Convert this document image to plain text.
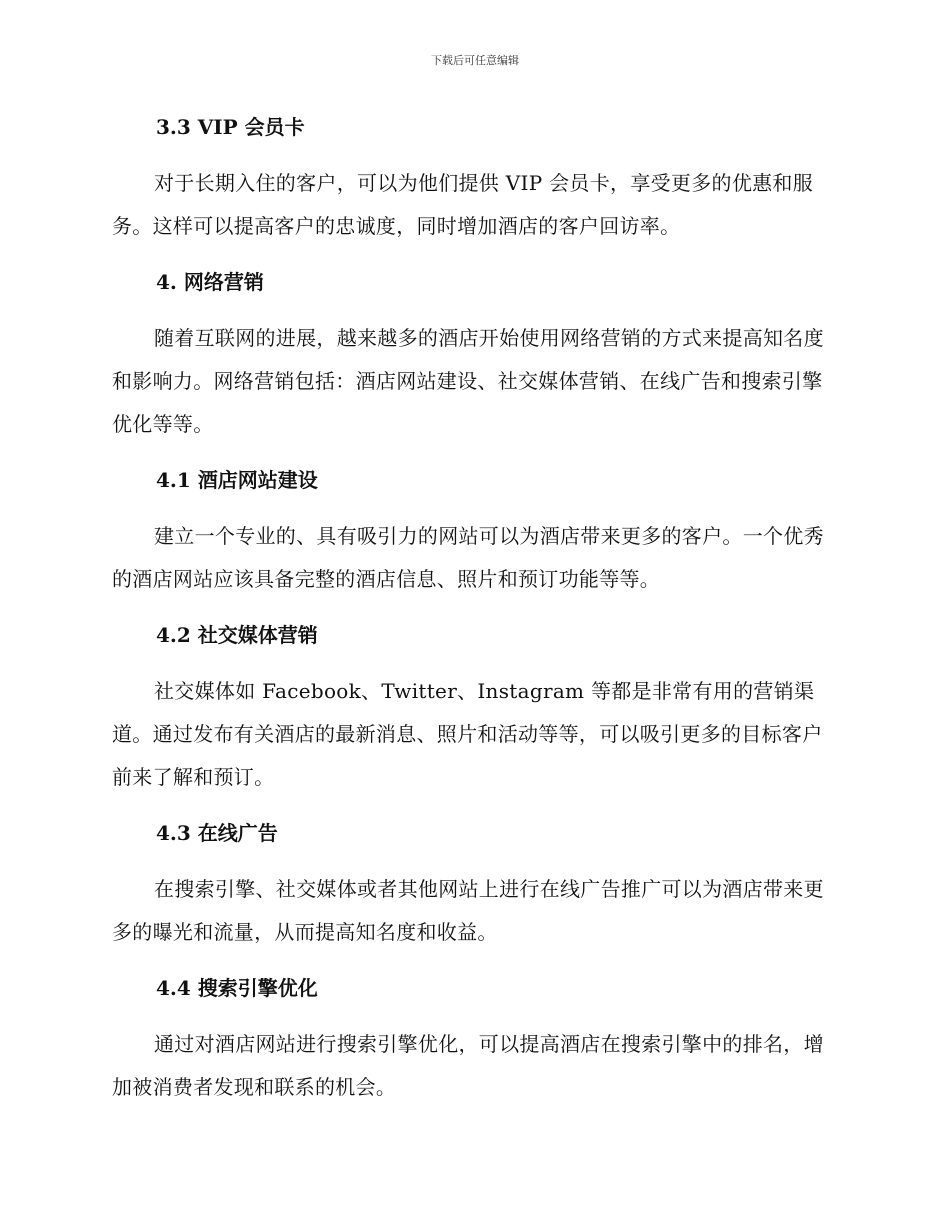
下载后可任意编辑
3.3 VIP 会员卡

对于长期入住的客户，可以为他们提供 VIP 会员卡，享受更多的优惠和服务。这样可以提高客户的忠诚度，同时增加酒店的客户回访率。

4. 网络营销

随着互联网的进展，越来越多的酒店开始使用网络营销的方式来提高知名度和影响力。网络营销包括：酒店网站建设、社交媒体营销、在线广告和搜索引擎优化等等。

4.1 酒店网站建设

建立一个专业的、具有吸引力的网站可以为酒店带来更多的客户。一个优秀的酒店网站应该具备完整的酒店信息、照片和预订功能等等。

4.2 社交媒体营销

社交媒体如 Facebook、Twitter、Instagram 等都是非常有用的营销渠道。通过发布有关酒店的最新消息、照片和活动等等，可以吸引更多的目标客户前来了解和预订。

4.3 在线广告

在搜索引擎、社交媒体或者其他网站上进行在线广告推广可以为酒店带来更多的曝光和流量，从而提高知名度和收益。

4.4 搜索引擎优化

通过对酒店网站进行搜索引擎优化，可以提高酒店在搜索引擎中的排名，增加被消费者发现和联系的机会。
